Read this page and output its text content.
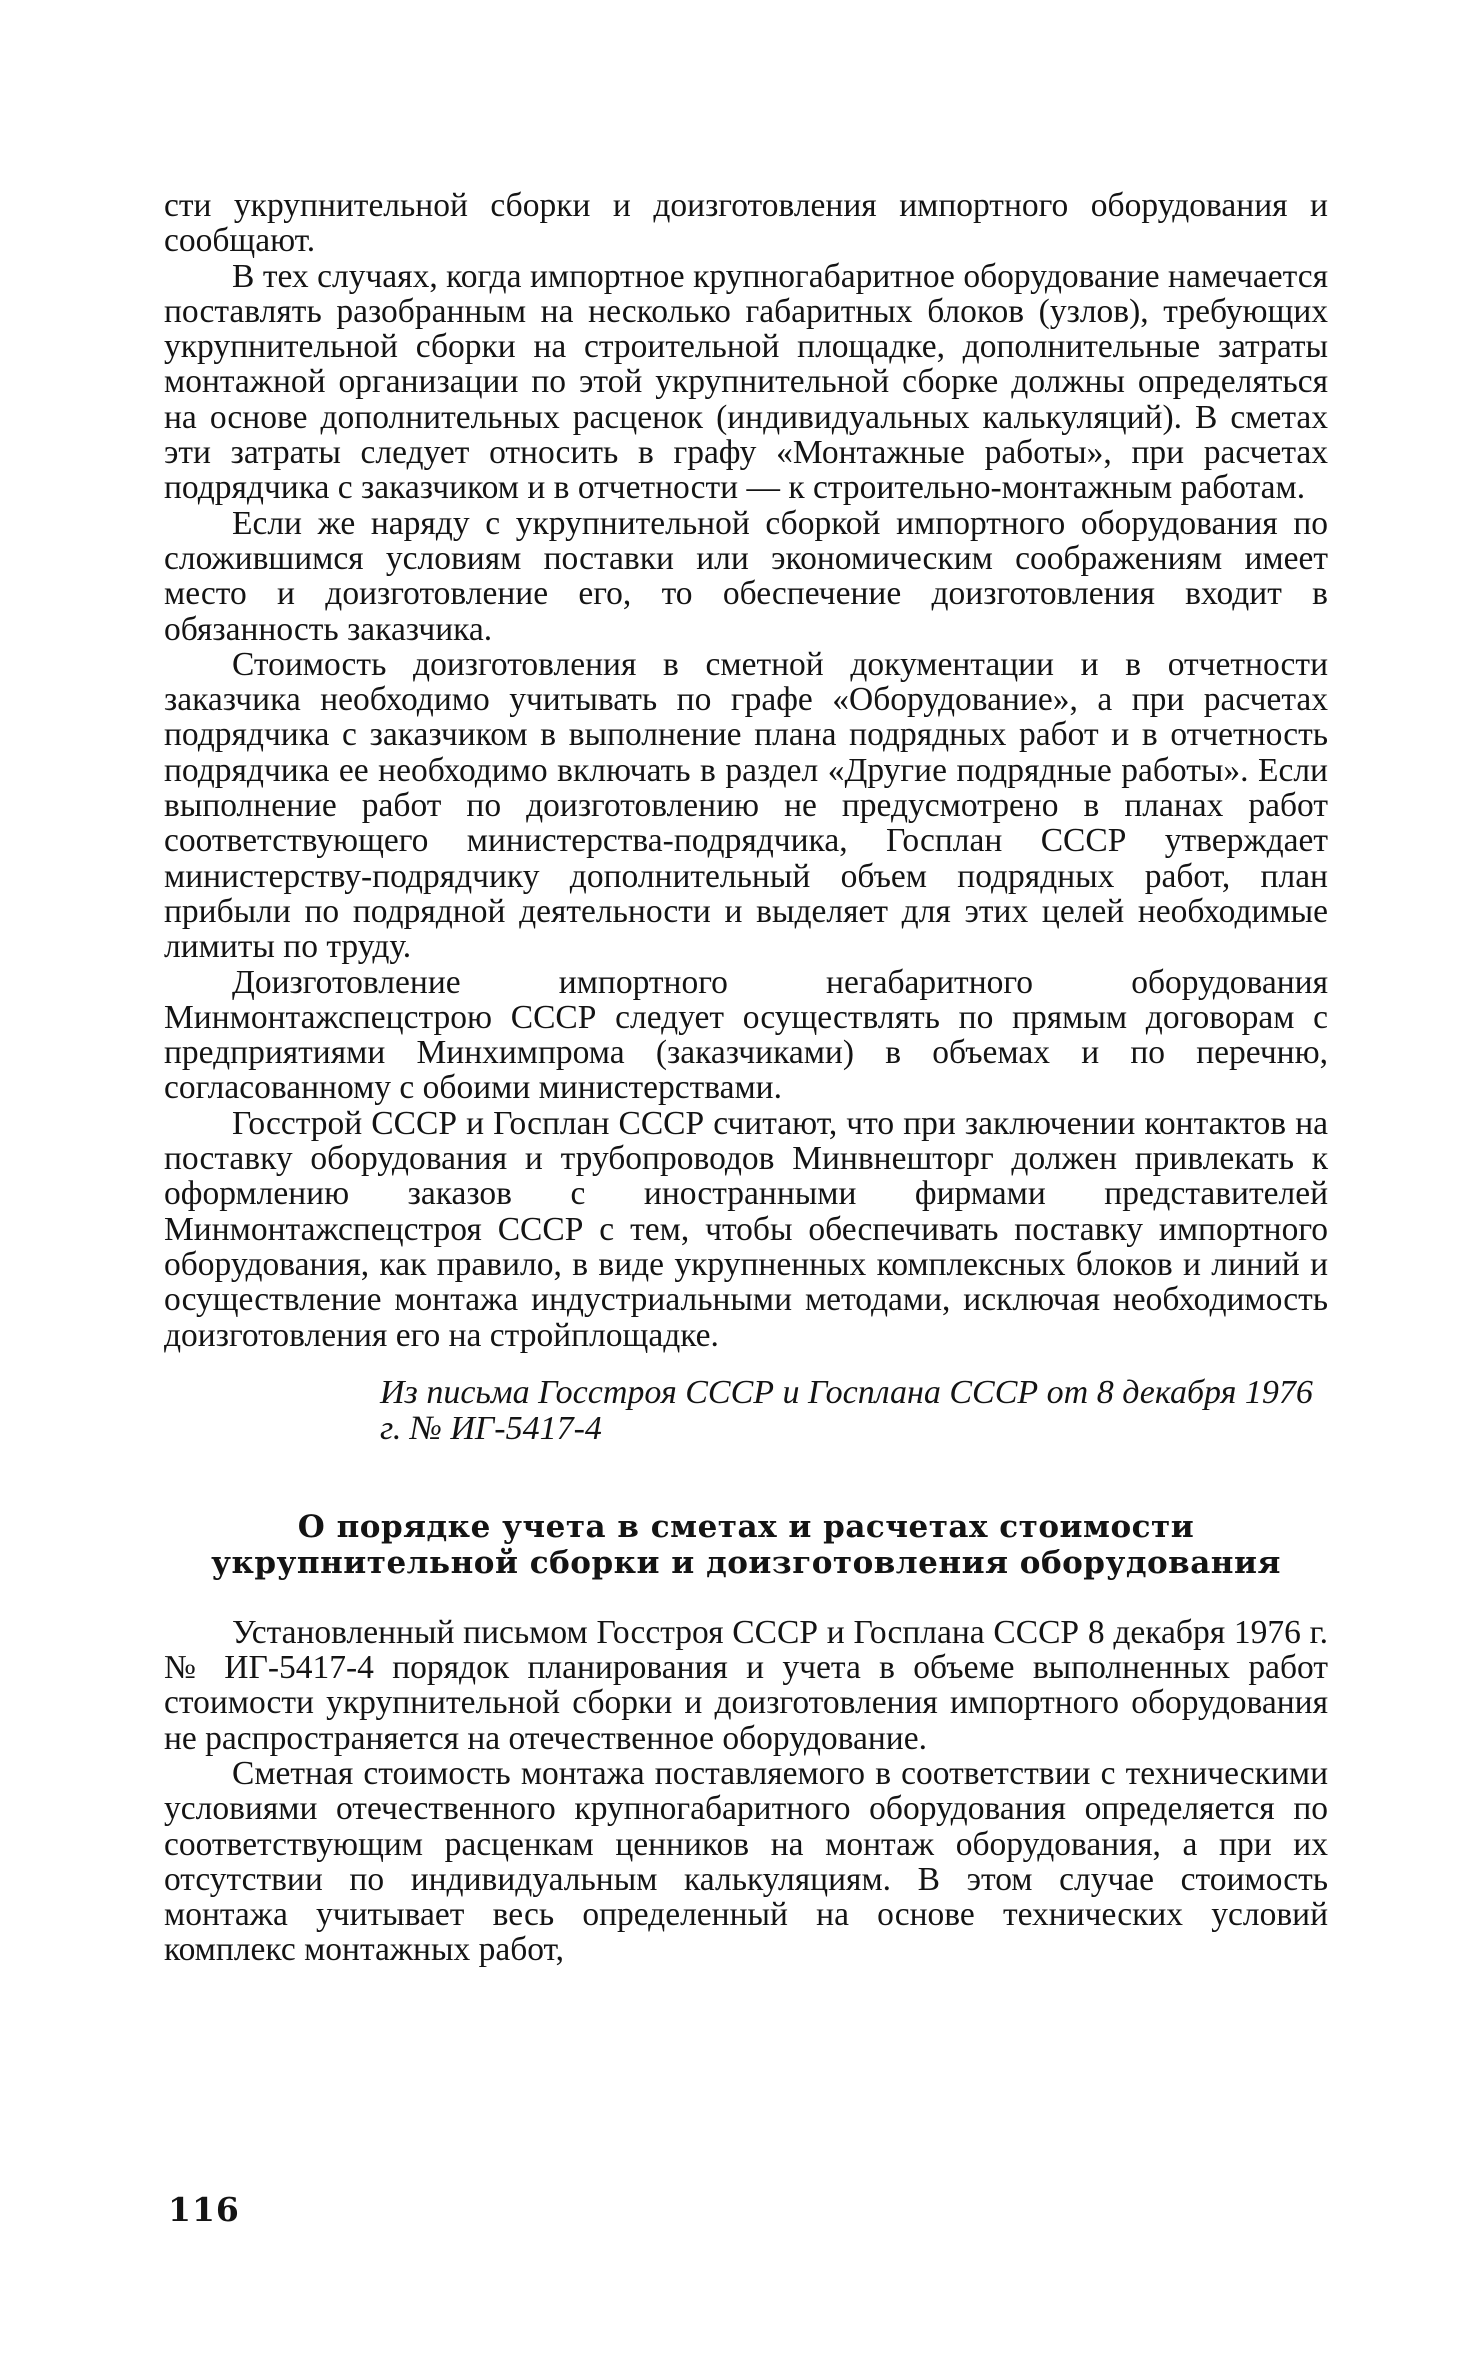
сти укрупнительной сборки и доизготовления импортного оборудования и сообщают.

В тех случаях, когда импортное крупногабаритное оборудование намечается поставлять разобранным на несколько габаритных блоков (узлов), требующих укрупнительной сборки на строительной площадке, дополнительные затраты монтажной организации по этой укрупнительной сборке должны определяться на основе дополнительных расценок (индивидуальных калькуляций). В сметах эти затраты следует относить в графу «Монтажные работы», при расчетах подрядчика с заказчиком и в отчетности — к строительно-монтажным работам.

Если же наряду с укрупнительной сборкой импортного оборудования по сложившимся условиям поставки или экономическим соображениям имеет место и доизготовление его, то обеспечение доизготовления входит в обязанность заказчика.

Стоимость доизготовления в сметной документации и в отчетности заказчика необходимо учитывать по графе «Оборудование», а при расчетах подрядчика с заказчиком в выполнение плана подрядных работ и в отчетность подрядчика ее необходимо включать в раздел «Другие подрядные работы». Если выполнение работ по доизготовлению не предусмотрено в планах работ соответствующего министерства-подрядчика, Госплан СССР утверждает министерству-подрядчику дополнительный объем подрядных работ, план прибыли по подрядной деятельности и выделяет для этих целей необходимые лимиты по труду.

Доизготовление импортного негабаритного оборудования Минмонтажспецстрою СССР следует осуществлять по прямым договорам с предприятиями Минхимпрома (заказчиками) в объемах и по перечню, согласованному с обоими министерствами.

Госстрой СССР и Госплан СССР считают, что при заключении контактов на поставку оборудования и трубопроводов Минвнешторг должен привлекать к оформлению заказов с иностранными фирмами представителей Минмонтажспецстроя СССР с тем, чтобы обеспечивать поставку импортного оборудования, как правило, в виде укрупненных комплексных блоков и линий и осуществление монтажа индустриальными методами, исключая необходимость доизготовления его на стройплощадке.

Из письма Госстроя СССР и Госплана СССР от 8 декабря 1976 г. № ИГ-5417-4

О порядке учета в сметах и расчетах стоимости
укрупнительной сборки и доизготовления оборудования

Установленный письмом Госстроя СССР и Госплана СССР 8 декабря 1976 г. № ИГ-5417-4 порядок планирования и учета в объеме выполненных работ стоимости укрупнительной сборки и доизготовления импортного оборудования не распространяется на отечественное оборудование.

Сметная стоимость монтажа поставляемого в соответствии с техническими условиями отечественного крупногабаритного оборудования определяется по соответствующим расценкам ценников на монтаж оборудования, а при их отсутствии по индивидуальным калькуляциям. В этом случае стоимость монтажа учитывает весь определенный на основе технических условий комплекс монтажных работ,

116
